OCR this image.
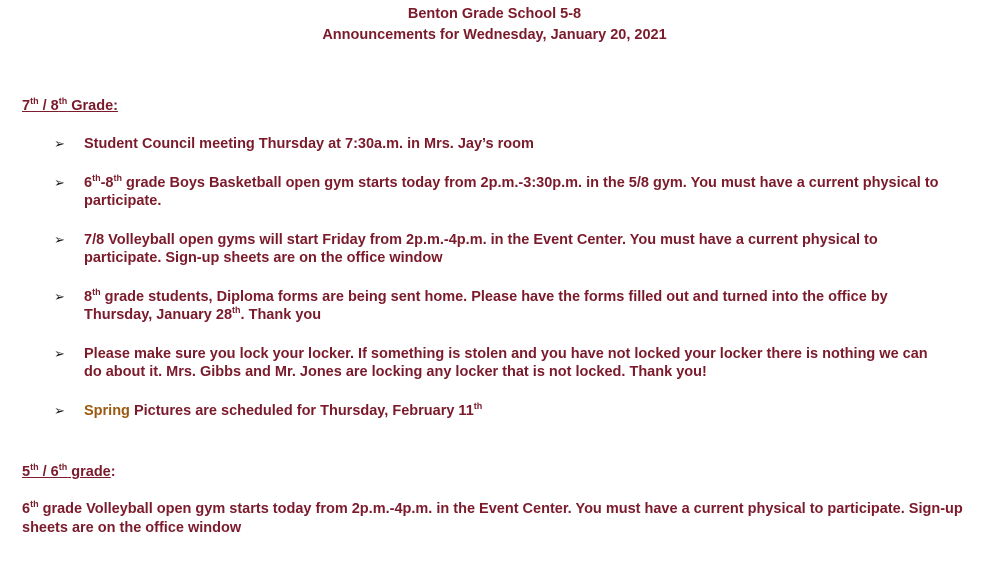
Benton Grade School 5-8
Announcements for Wednesday, January 20, 2021
7th / 8th Grade:
➢ Student Council meeting Thursday at 7:30a.m. in Mrs. Jay’s room
➢ 6th-8th grade Boys Basketball open gym starts today from 2p.m.-3:30p.m. in the 5/8 gym. You must have a current physical to participate.
➢ 7/8 Volleyball open gyms will start Friday from 2p.m.-4p.m. in the Event Center. You must have a current physical to participate. Sign-up sheets are on the office window
➢ 8th grade students, Diploma forms are being sent home. Please have the forms filled out and turned into the office by Thursday, January 28th. Thank you
➢ Please make sure you lock your locker. If something is stolen and you have not locked your locker there is nothing we can do about it. Mrs. Gibbs and Mr. Jones are locking any locker that is not locked. Thank you!
➢ Spring Pictures are scheduled for Thursday, February 11th
5th / 6th grade:
6th grade Volleyball open gym starts today from 2p.m.-4p.m. in the Event Center. You must have a current physical to participate. Sign-up sheets are on the office window
